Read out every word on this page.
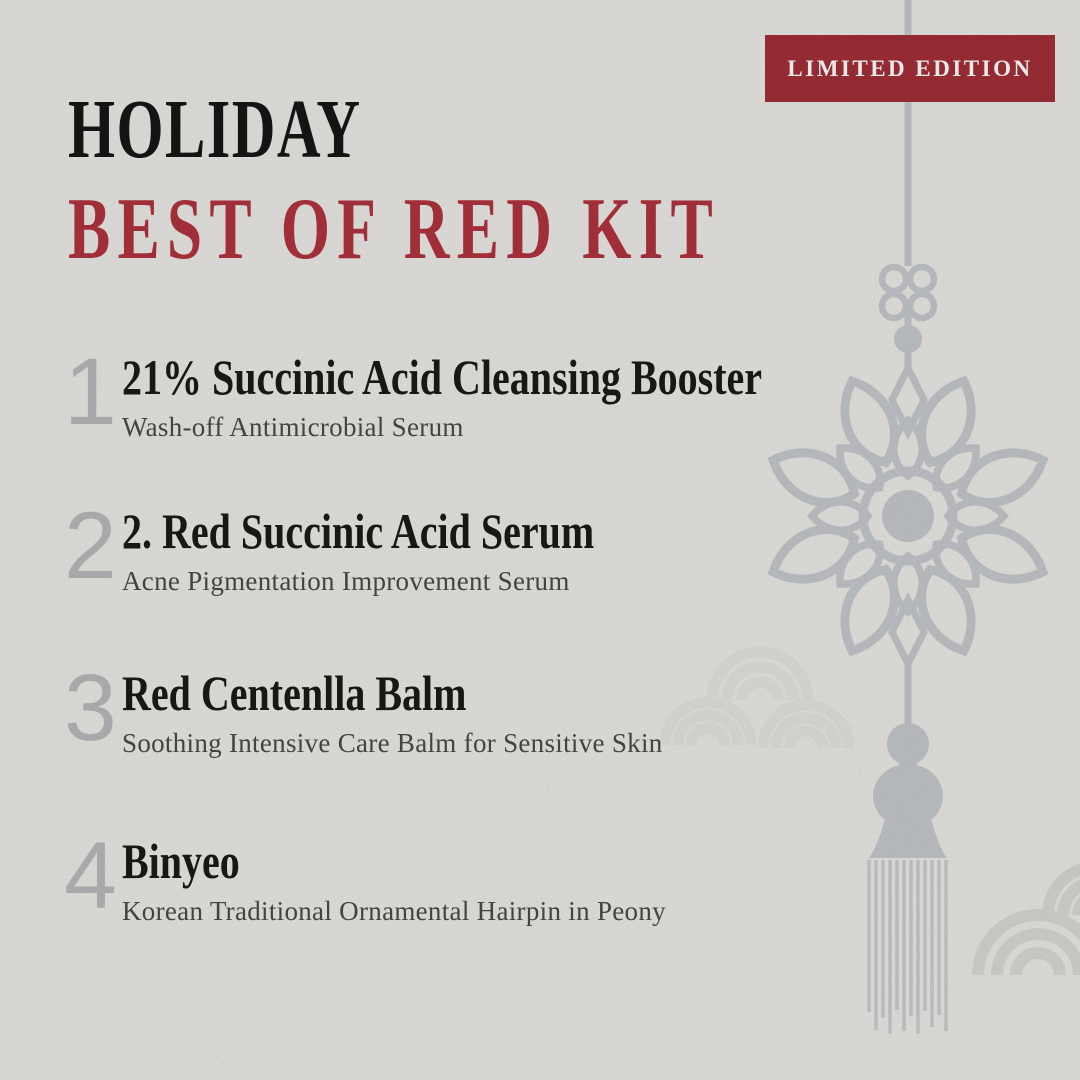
LIMITED EDITION
HOLIDAY
BEST OF RED KIT
1 21% Succinic Acid Cleansing Booster
Wash-off Antimicrobial Serum
2 2. Red Succinic Acid Serum
Acne Pigmentation Improvement Serum
3 Red Centenlla Balm
Soothing Intensive Care Balm for Sensitive Skin
4 Binyeo
Korean Traditional Ornamental Hairpin in Peony
